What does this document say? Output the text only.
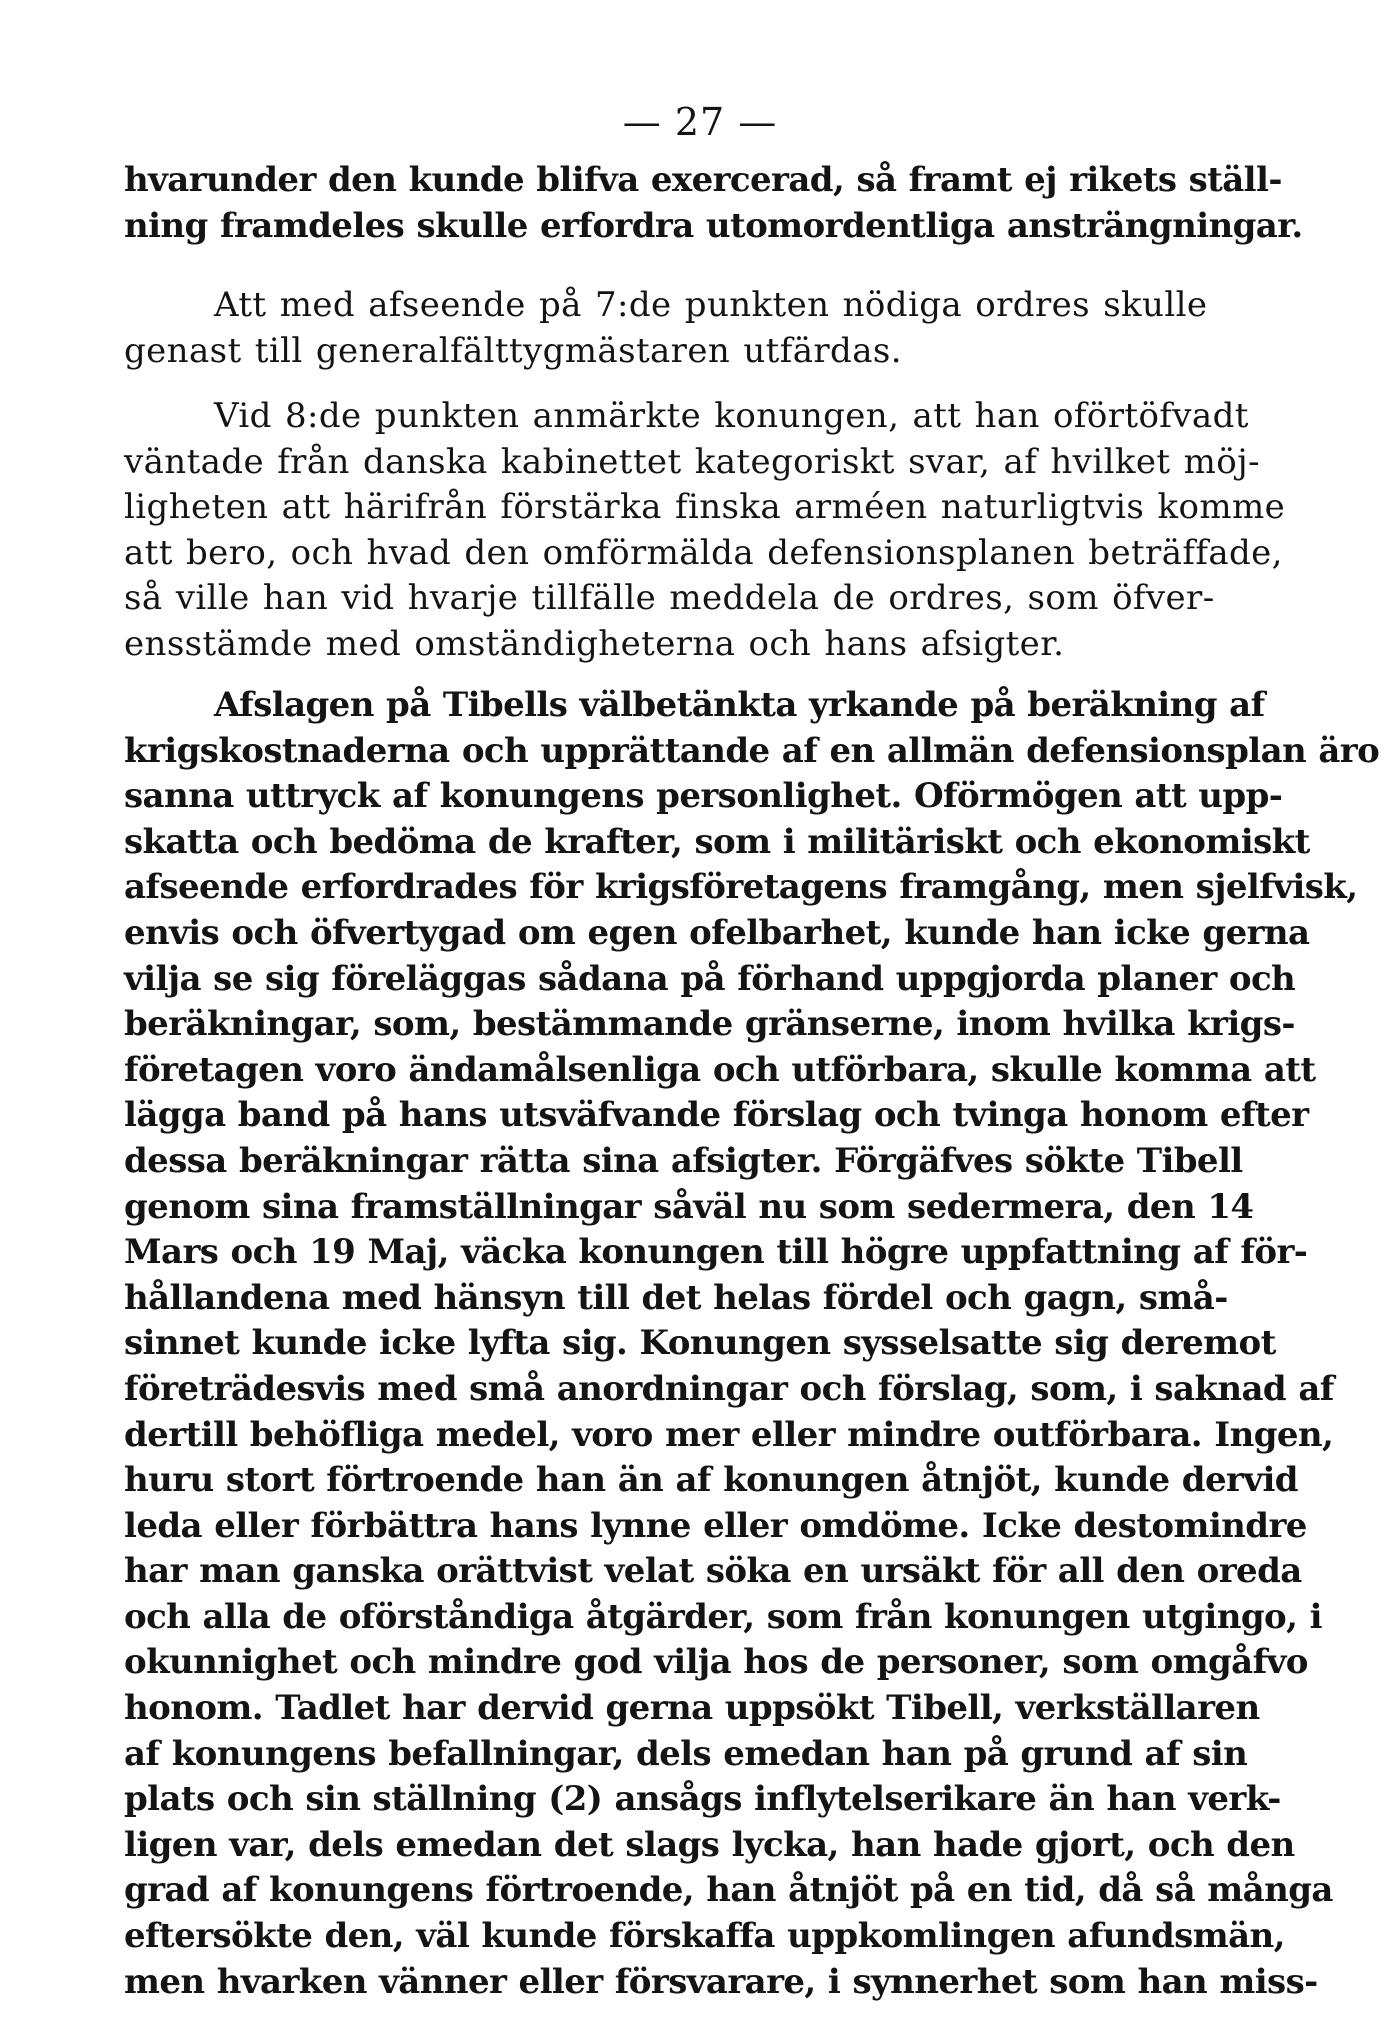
— 27 —
hvarunder den kunde blifva exercerad, så framt ej rikets ställ-
ning framdeles skulle erfordra utomordentliga ansträngningar.
Att med afseende på 7:de punkten nödiga ordres skulle
genast till generalfälttygmästaren utfärdas.
Vid 8:de punkten anmärkte konungen, att han oförtöfvadt
väntade från danska kabinettet kategoriskt svar, af hvilket möj-
ligheten att härifrån förstärka finska arméen naturligtvis komme
att bero, och hvad den omförmälda defensionsplanen beträffade,
så ville han vid hvarje tillfälle meddela de ordres, som öfver-
ensstämde med omständigheterna och hans afsigter.
Afslagen på Tibells välbetänkta yrkande på beräkning af
krigskostnaderna och upprättande af en allmän defensionsplan äro
sanna uttryck af konungens personlighet. Oförmögen att upp-
skatta och bedöma de krafter, som i militäriskt och ekonomiskt
afseende erfordrades för krigsföretagens framgång, men sjelfvisk,
envis och öfvertygad om egen ofelbarhet, kunde han icke gerna
vilja se sig föreläggas sådana på förhand uppgjorda planer och
beräkningar, som, bestämmande gränserne, inom hvilka krigs-
företagen voro ändamålsenliga och utförbara, skulle komma att
lägga band på hans utsväfvande förslag och tvinga honom efter
dessa beräkningar rätta sina afsigter. Förgäfves sökte Tibell
genom sina framställningar såväl nu som sedermera, den 14
Mars och 19 Maj, väcka konungen till högre uppfattning af för-
hållandena med hänsyn till det helas fördel och gagn, små-
sinnet kunde icke lyfta sig. Konungen sysselsatte sig deremot
företrädesvis med små anordningar och förslag, som, i saknad af
dertill behöfliga medel, voro mer eller mindre outförbara. Ingen,
huru stort förtroende han än af konungen åtnjöt, kunde dervid
leda eller förbättra hans lynne eller omdöme. Icke destomindre
har man ganska orättvist velat söka en ursäkt för all den oreda
och alla de oförståndiga åtgärder, som från konungen utgingo, i
okunnighet och mindre god vilja hos de personer, som omgåfvo
honom. Tadlet har dervid gerna uppsökt Tibell, verkställaren
af konungens befallningar, dels emedan han på grund af sin
plats och sin ställning (2) ansågs inflytelserikare än han verk-
ligen var, dels emedan det slags lycka, han hade gjort, och den
grad af konungens förtroende, han åtnjöt på en tid, då så många
eftersökte den, väl kunde förskaffa uppkomlingen afundsmän,
men hvarken vänner eller försvarare, i synnerhet som han miss-
